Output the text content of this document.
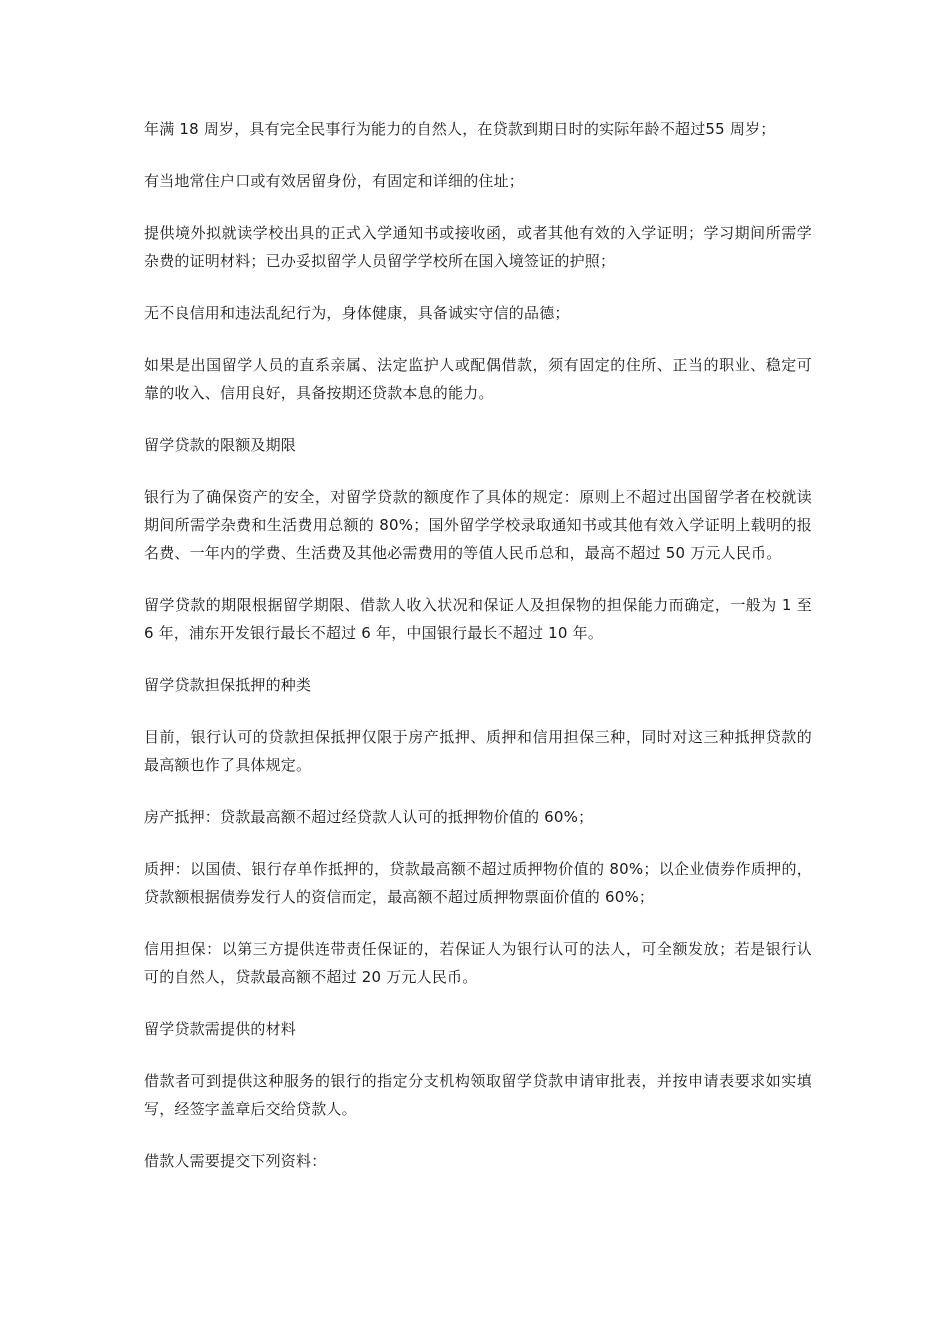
年满 18 周岁，具有完全民事行为能力的自然人，在贷款到期日时的实际年龄不超过55 周岁；

有当地常住户口或有效居留身份，有固定和详细的住址；

提供境外拟就读学校出具的正式入学通知书或接收函，或者其他有效的入学证明；学习期间所需学杂费的证明材料；已办妥拟留学人员留学学校所在国入境签证的护照；

无不良信用和违法乱纪行为，身体健康，具备诚实守信的品德；

如果是出国留学人员的直系亲属、法定监护人或配偶借款，须有固定的住所、正当的职业、稳定可靠的收入、信用良好，具备按期还贷款本息的能力。

留学贷款的限额及期限

银行为了确保资产的安全，对留学贷款的额度作了具体的规定：原则上不超过出国留学者在校就读期间所需学杂费和生活费用总额的 80%；国外留学学校录取通知书或其他有效入学证明上载明的报名费、一年内的学费、生活费及其他必需费用的等值人民币总和，最高不超过 50 万元人民币。

留学贷款的期限根据留学期限、借款人收入状况和保证人及担保物的担保能力而确定，一般为 1 至 6 年，浦东开发银行最长不超过 6 年，中国银行最长不超过 10 年。

留学贷款担保抵押的种类

目前，银行认可的贷款担保抵押仅限于房产抵押、质押和信用担保三种，同时对这三种抵押贷款的最高额也作了具体规定。

房产抵押：贷款最高额不超过经贷款人认可的抵押物价值的 60%；

质押：以国债、银行存单作抵押的，贷款最高额不超过质押物价值的 80%；以企业债券作质押的，贷款额根据债券发行人的资信而定，最高额不超过质押物票面价值的 60%；

信用担保：以第三方提供连带责任保证的，若保证人为银行认可的法人，可全额发放；若是银行认可的自然人，贷款最高额不超过 20 万元人民币。

留学贷款需提供的材料

借款者可到提供这种服务的银行的指定分支机构领取留学贷款申请审批表，并按申请表要求如实填写，经签字盖章后交给贷款人。

借款人需要提交下列资料：
